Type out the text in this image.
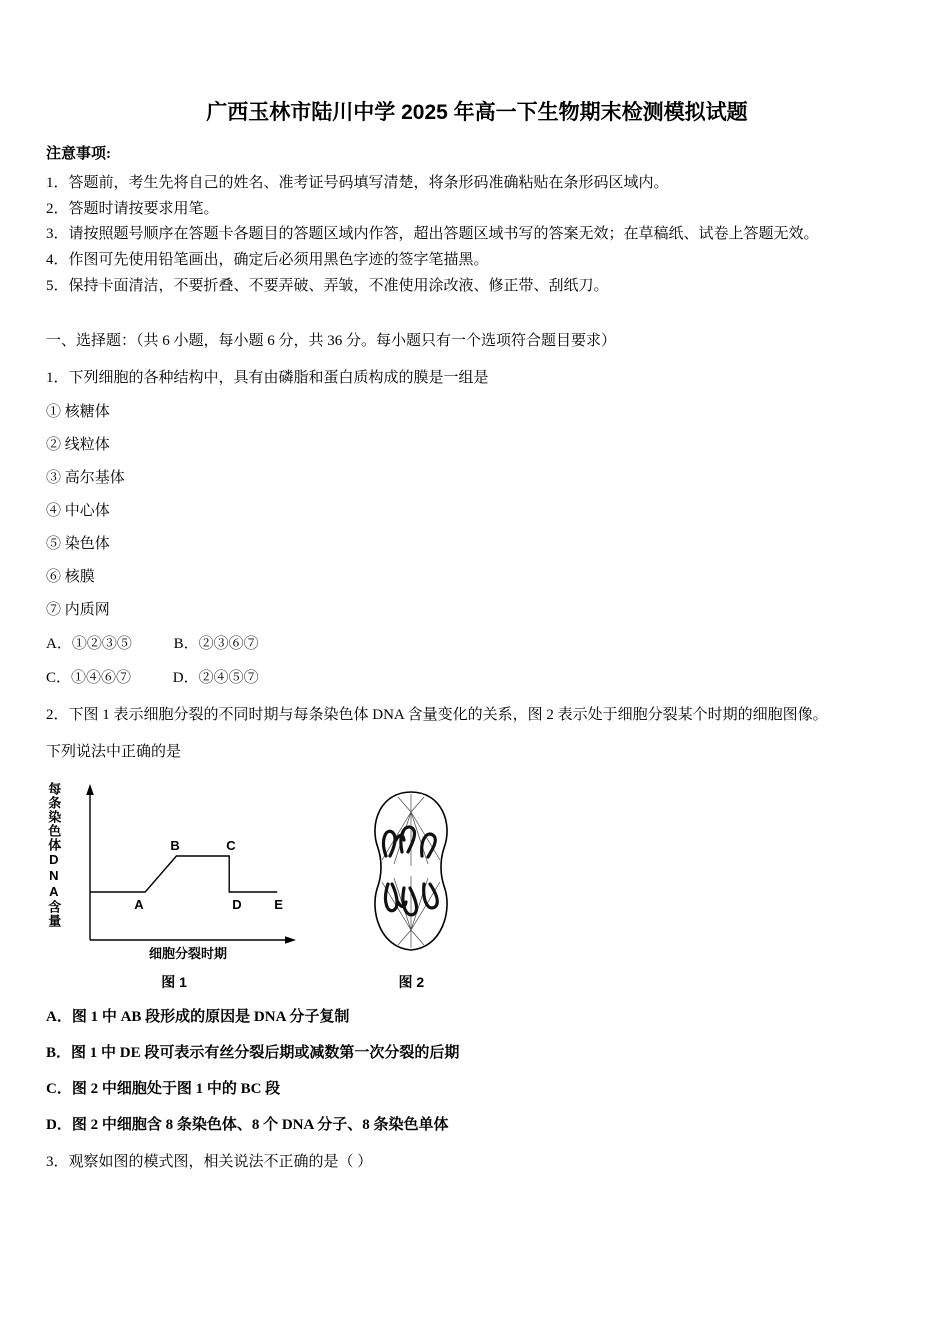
广西玉林市陆川中学 2025 年高一下生物期末检测模拟试题

注意事项:

1．答题前，考生先将自己的姓名、准考证号码填写清楚，将条形码准确粘贴在条形码区域内。

2．答题时请按要求用笔。

3．请按照题号顺序在答题卡各题目的答题区域内作答，超出答题区域书写的答案无效；在草稿纸、试卷上答题无效。

4．作图可先使用铅笔画出，确定后必须用黑色字迹的签字笔描黑。

5．保持卡面清洁，不要折叠、不要弄破、弄皱，不准使用涂改液、修正带、刮纸刀。

一、选择题：（共 6 小题，每小题 6 分，共 36 分。每小题只有一个选项符合题目要求）

1．下列细胞的各种结构中，具有由磷脂和蛋白质构成的膜是一组是

① 核糖体

② 线粒体

③ 高尔基体

④ 中心体

⑤ 染色体

⑥ 核膜

⑦ 内质网

A．①②③⑤	B．②③⑥⑦

C．①④⑥⑦	D．②④⑤⑦

2．下图 1 表示细胞分裂的不同时期与每条染色体 DNA 含量变化的关系，图 2 表示处于细胞分裂某个时期的细胞图像。

下列说法中正确的是

每条染色体DNA含量	A
B	C
D	E
细胞分裂时期
图 1	图 2

A．图 1 中 AB 段形成的原因是 DNA 分子复制

B．图 1 中 DE 段可表示有丝分裂后期或减数第一次分裂的后期

C．图 2 中细胞处于图 1 中的 BC 段

D．图 2 中细胞含 8 条染色体、8 个 DNA 分子、8 条染色单体

3．观察如图的模式图，相关说法不正确的是（ ）
